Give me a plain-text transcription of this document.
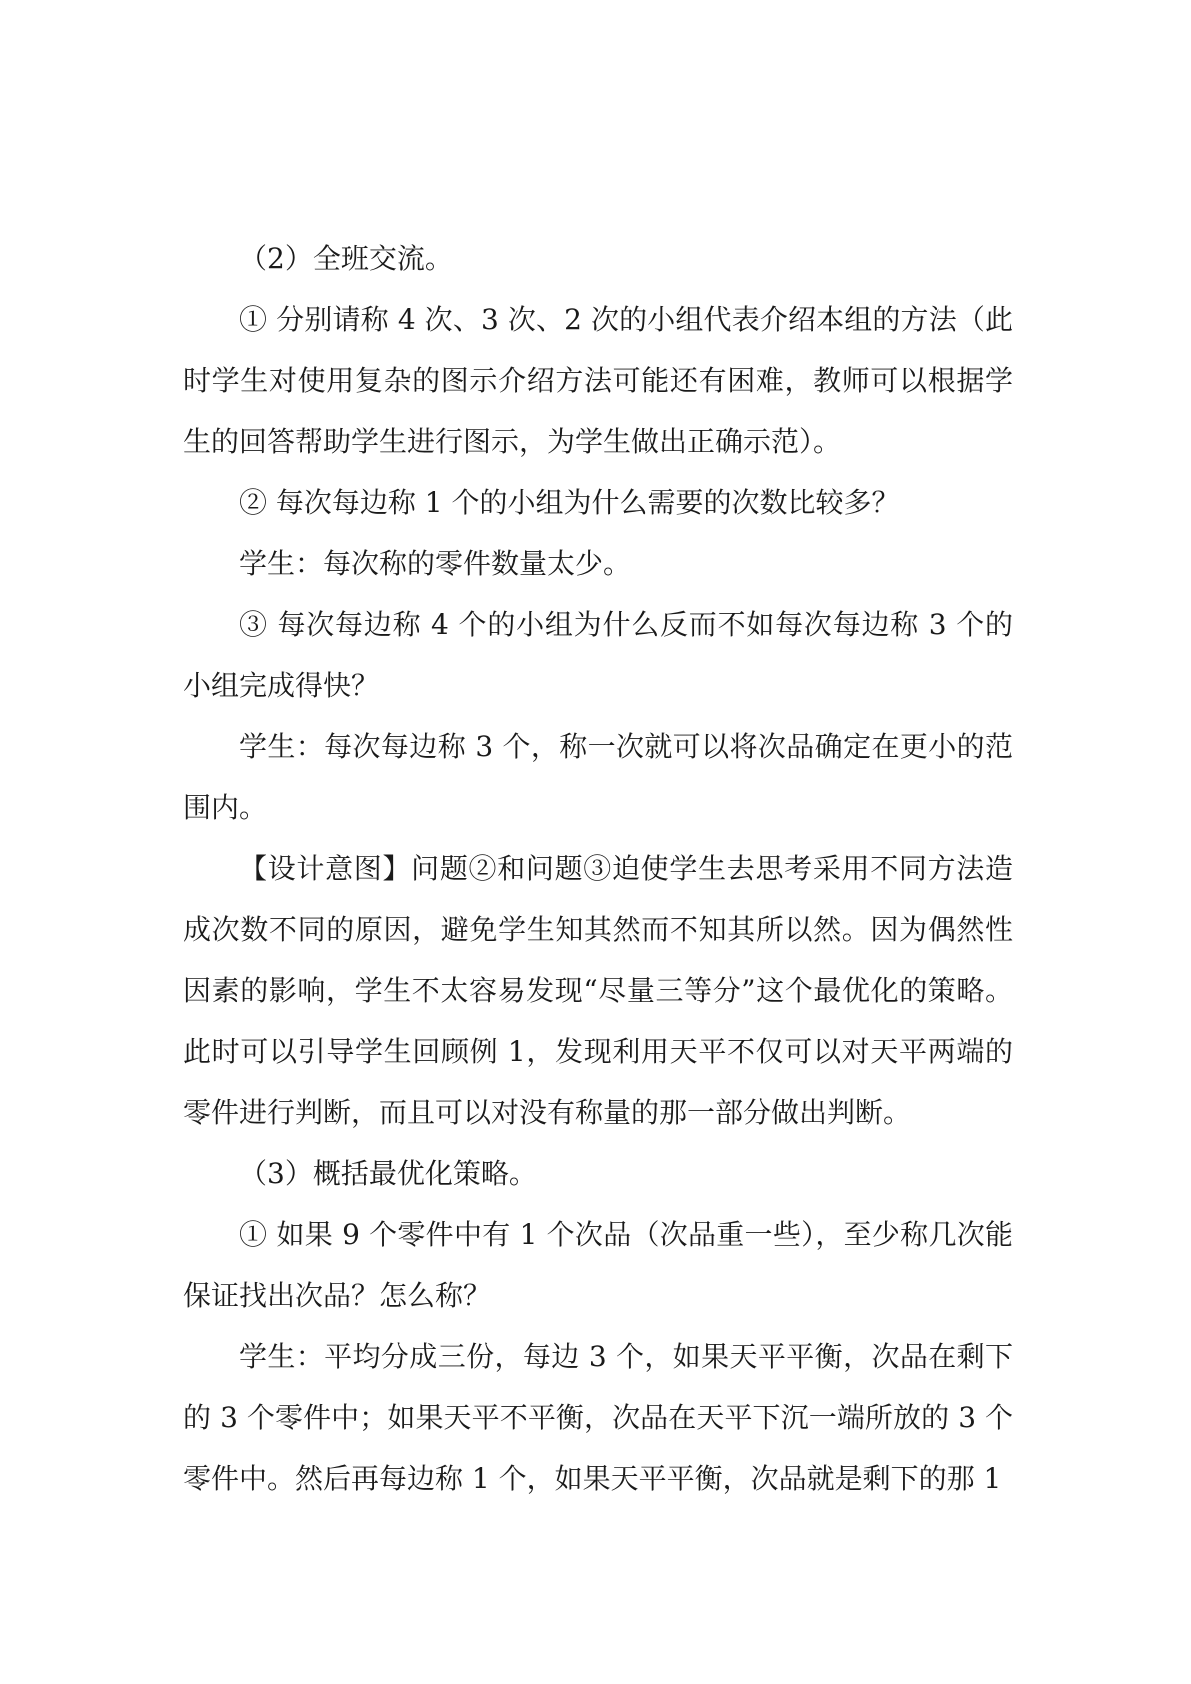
（2）全班交流。

① 分别请称 4 次、3 次、2 次的小组代表介绍本组的方法（此时学生对使用复杂的图示介绍方法可能还有困难，教师可以根据学生的回答帮助学生进行图示，为学生做出正确示范）。

② 每次每边称 1 个的小组为什么需要的次数比较多？

学生：每次称的零件数量太少。

③ 每次每边称 4 个的小组为什么反而不如每次每边称 3 个的小组完成得快？

学生：每次每边称 3 个，称一次就可以将次品确定在更小的范围内。

【设计意图】问题②和问题③迫使学生去思考采用不同方法造成次数不同的原因，避免学生知其然而不知其所以然。因为偶然性因素的影响，学生不太容易发现“尽量三等分”这个最优化的策略。此时可以引导学生回顾例 1，发现利用天平不仅可以对天平两端的零件进行判断，而且可以对没有称量的那一部分做出判断。

（3）概括最优化策略。

① 如果 9 个零件中有 1 个次品（次品重一些），至少称几次能保证找出次品？怎么称？

学生：平均分成三份，每边 3 个，如果天平平衡，次品在剩下的 3 个零件中；如果天平不平衡，次品在天平下沉一端所放的 3 个零件中。然后再每边称 1 个，如果天平平衡，次品就是剩下的那 1
